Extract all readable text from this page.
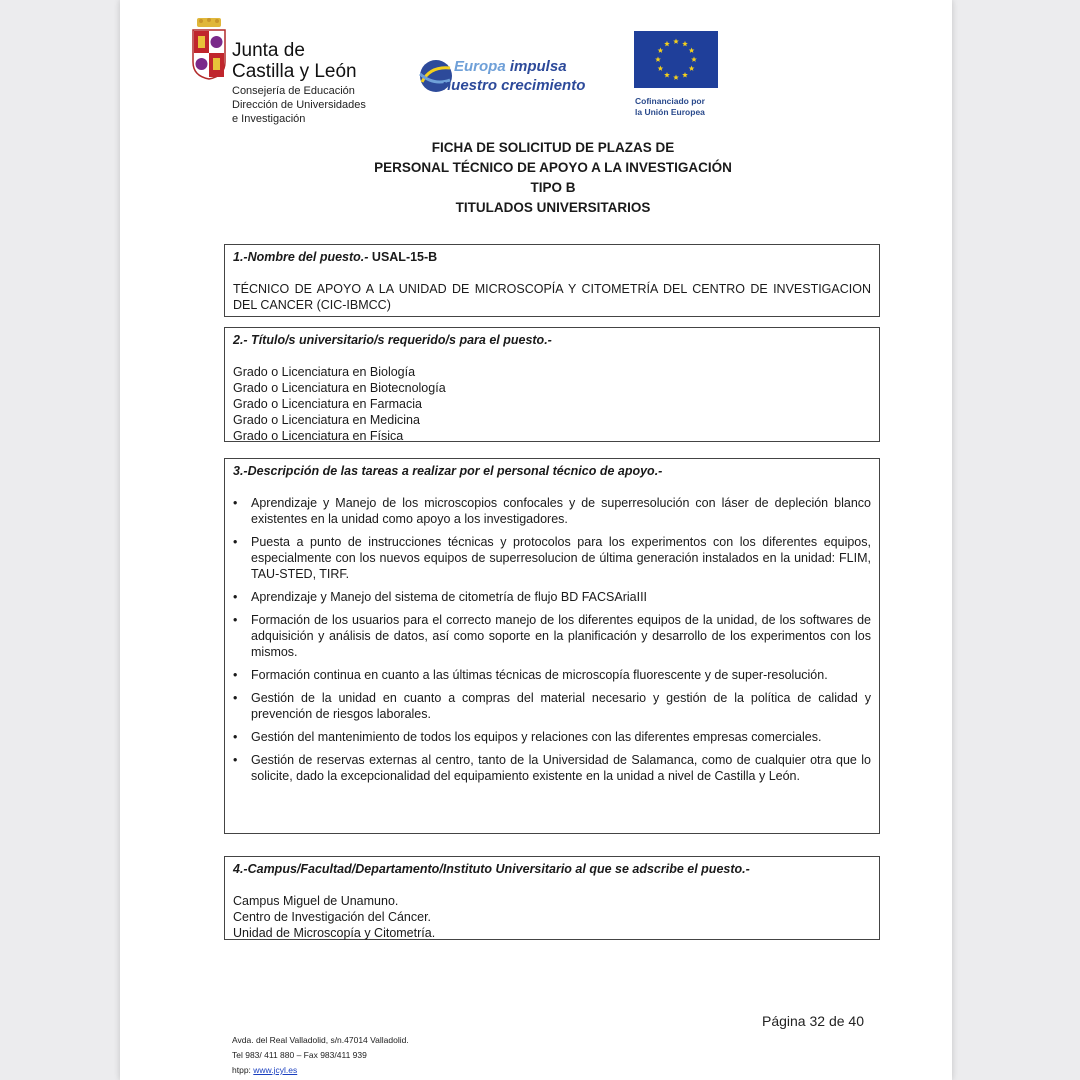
Junta de
Castilla y León
Consejería de Educación
Dirección de Universidades
e Investigación
Europa impulsa
nuestro crecimiento
Cofinanciado por
la Unión Europea
FICHA DE SOLICITUD DE PLAZAS DE
PERSONAL TÉCNICO DE APOYO A LA INVESTIGACIÓN
TIPO B
TITULADOS UNIVERSITARIOS
1.-Nombre del puesto.- USAL-15-B
TÉCNICO DE APOYO A LA UNIDAD DE MICROSCOPÍA Y CITOMETRÍA DEL CENTRO DE INVESTIGACION DEL CANCER (CIC-IBMCC)
2.- Título/s universitario/s requerido/s para el puesto.-
Grado o Licenciatura en Biología
Grado o Licenciatura en Biotecnología
Grado o Licenciatura en Farmacia
Grado o Licenciatura en Medicina
Grado o Licenciatura en Física
3.-Descripción de las tareas a realizar por el personal técnico de apoyo.-
• Aprendizaje y Manejo de los microscopios confocales y de superresolución con láser de depleción blanco existentes en la unidad como apoyo a los investigadores.
• Puesta a punto de instrucciones técnicas y protocolos para los experimentos con los diferentes equipos, especialmente con los nuevos equipos de superresolucion de última generación instalados en la unidad: FLIM, TAU-STED, TIRF.
• Aprendizaje y Manejo del sistema de citometría de flujo BD FACSAriaIII
• Formación de los usuarios para el correcto manejo de los diferentes equipos de la unidad, de los softwares de adquisición y análisis de datos, así como soporte en la planificación y desarrollo de los experimentos con los mismos.
• Formación continua en cuanto a las últimas técnicas de microscopía fluorescente y de super-resolución.
• Gestión de la unidad en cuanto a compras del material necesario y gestión de la política de calidad y prevención de riesgos laborales.
• Gestión del mantenimiento de todos los equipos y relaciones con las diferentes empresas comerciales.
• Gestión de reservas externas al centro, tanto de la Universidad de Salamanca, como de cualquier otra que lo solicite, dado la excepcionalidad del equipamiento existente en la unidad a nivel de Castilla y León.
4.-Campus/Facultad/Departamento/Instituto Universitario al que se adscribe el puesto.-
Campus Miguel de Unamuno.
Centro de Investigación del Cáncer.
Unidad de Microscopía y Citometría.
Página 32 de 40
Avda. del Real Valladolid, s/n.47014 Valladolid.
Tel 983/ 411 880 – Fax 983/411 939
htpp: www.jcyl.es
